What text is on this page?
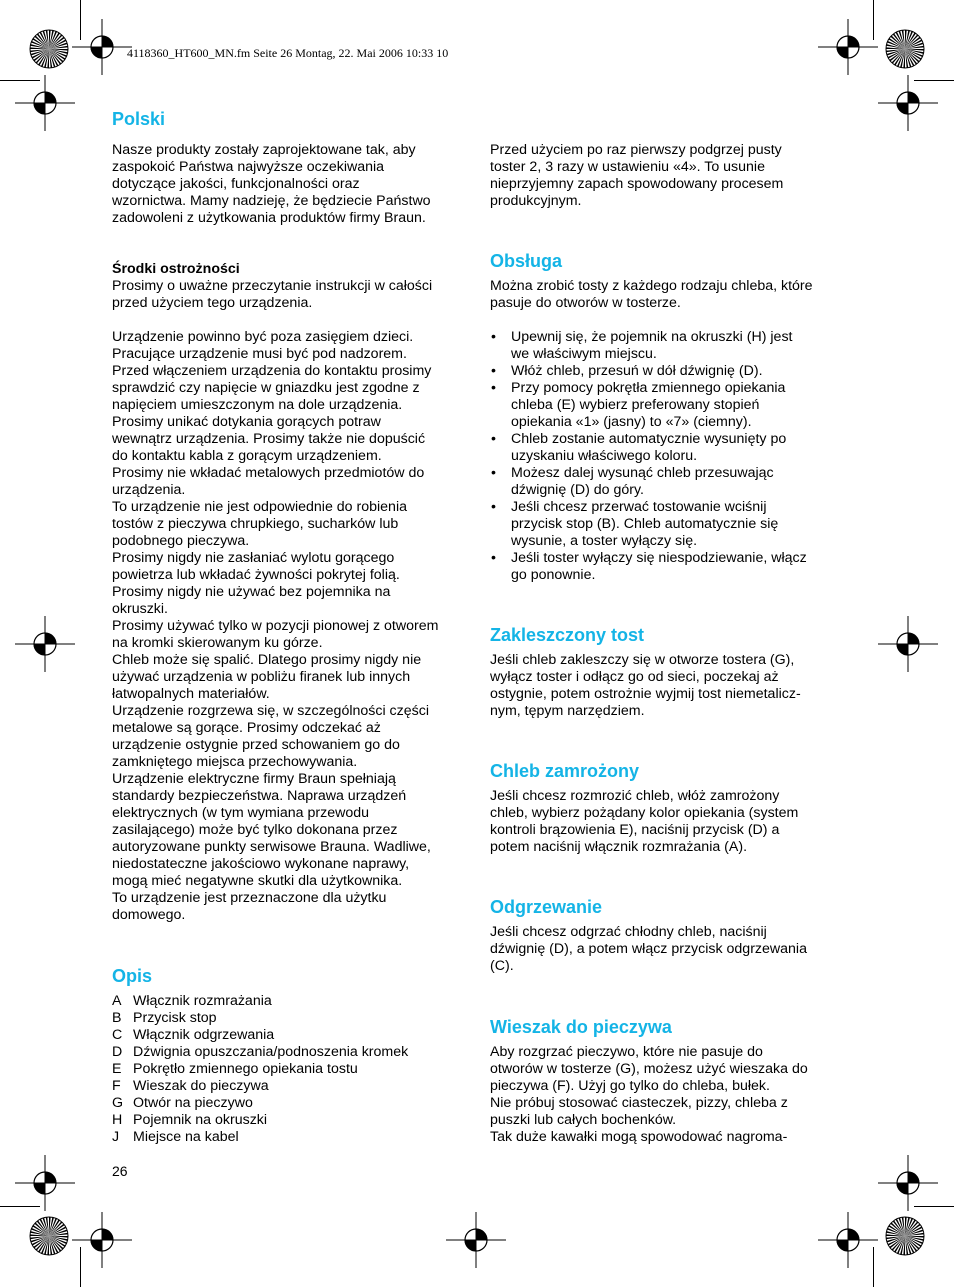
4118360_HT600_MN.fm Seite 26 Montag, 22. Mai 2006 10:33 10
Polski

Nasze produkty zostały zaprojektowane tak, aby
zaspokoić Państwa najwyższe oczekiwania
dotyczące jakości, funkcjonalności oraz
wzornictwa. Mamy nadzieję, że będziecie Państwo
zadowoleni z użytkowania produktów firmy Braun.

Środki ostrożności

Prosimy o uważne przeczytanie instrukcji w całości
przed użyciem tego urządzenia.

Urządzenie powinno być poza zasięgiem dzieci.
Pracujące urządzenie musi być pod nadzorem.
Przed włączeniem urządzenia do kontaktu prosimy
sprawdzić czy napięcie w gniazdku jest zgodne z
napięciem umieszczonym na dole urządzenia.
Prosimy unikać dotykania gorących potraw
wewnątrz urządzenia. Prosimy także nie dopuścić
do kontaktu kabla z gorącym urządzeniem.
Prosimy nie wkładać metalowych przedmiotów do
urządzenia.
To urządzenie nie jest odpowiednie do robienia
tostów z pieczywa chrupkiego, sucharków lub
podobnego pieczywa.
Prosimy nigdy nie zasłaniać wylotu gorącego
powietrza lub wkładać żywności pokrytej folią.
Prosimy nigdy nie używać bez pojemnika na
okruszki.
Prosimy używać tylko w pozycji pionowej z otworem
na kromki skierowanym ku górze.
Chleb może się spalić. Dlatego prosimy nigdy nie
używać urządzenia w pobliżu firanek lub innych
łatwopalnych materiałów.
Urządzenie rozgrzewa się, w szczególności części
metalowe są gorące. Prosimy odczekać aż
urządzenie ostygnie przed schowaniem go do
zamkniętego miejsca przechowywania.
Urządzenie elektryczne firmy Braun spełniają
standardy bezpieczeństwa. Naprawa urządzeń
elektrycznych (w tym wymiana przewodu
zasilającego) może być tylko dokonana przez
autoryzowane punkty serwisowe Brauna. Wadliwe,
niedostateczne jakościowo wykonane naprawy,
mogą mieć negatywne skutki dla użytkownika.
To urządzenie jest przeznaczone dla użytku
domowego.

Opis
A Włącznik rozmrażania
B Przycisk stop
C Włącznik odgrzewania
D Dźwignia opuszczania/podnoszenia kromek
E Pokrętło zmiennego opiekania tostu
F Wieszak do pieczywa
G Otwór na pieczywo
H Pojemnik na okruszki
J Miejsce na kabel

Przed użyciem po raz pierwszy podgrzej pusty
toster 2, 3 razy w ustawieniu «4». To usunie
nieprzyjemny zapach spowodowany procesem
produkcyjnym.

Obsługa

Można zrobić tosty z każdego rodzaju chleba, które
pasuje do otworów w tosterze.

• Upewnij się, że pojemnik na okruszki (H) jest
we właściwym miejscu.
• Włóż chleb, przesuń w dół dźwignię (D).
• Przy pomocy pokrętła zmiennego opiekania
chleba (E) wybierz preferowany stopień
opiekania «1» (jasny) to «7» (ciemny).
• Chleb zostanie automatycznie wysunięty po
uzyskaniu właściwego koloru.
• Możesz dalej wysunąć chleb przesuwając
dźwignię (D) do góry.
• Jeśli chcesz przerwać tostowanie wciśnij
przycisk stop (B). Chleb automatycznie się
wysunie, a toster wyłączy się.
• Jeśli toster wyłączy się niespodziewanie, włącz
go ponownie.
Zakleszczony tost

Jeśli chleb zakleszczy się w otworze tostera (G),
wyłącz toster i odłącz go od sieci, poczekaj aż
ostygnie, potem ostrożnie wyjmij tost niemetalicz-
nym, tępym narzędziem.

Chleb zamrożony

Jeśli chcesz rozmrozić chleb, włóż zamrożony
chleb, wybierz pożądany kolor opiekania (system
kontroli brązowienia E), naciśnij przycisk (D) a
potem naciśnij włącznik rozmrażania (A).

Odgrzewanie

Jeśli chcesz odgrzać chłodny chleb, naciśnij
dźwignię (D), a potem włącz przycisk odgrzewania
(C).

Wieszak do pieczywa

Aby rozgrzać pieczywo, które nie pasuje do
otworów w tosterze (G), możesz użyć wieszaka do
pieczywa (F). Użyj go tylko do chleba, bułek.
Nie próbuj stosować ciasteczek, pizzy, chleba z
puszki lub całych bochenków.
Tak duże kawałki mogą spowodować nagroma-

26
